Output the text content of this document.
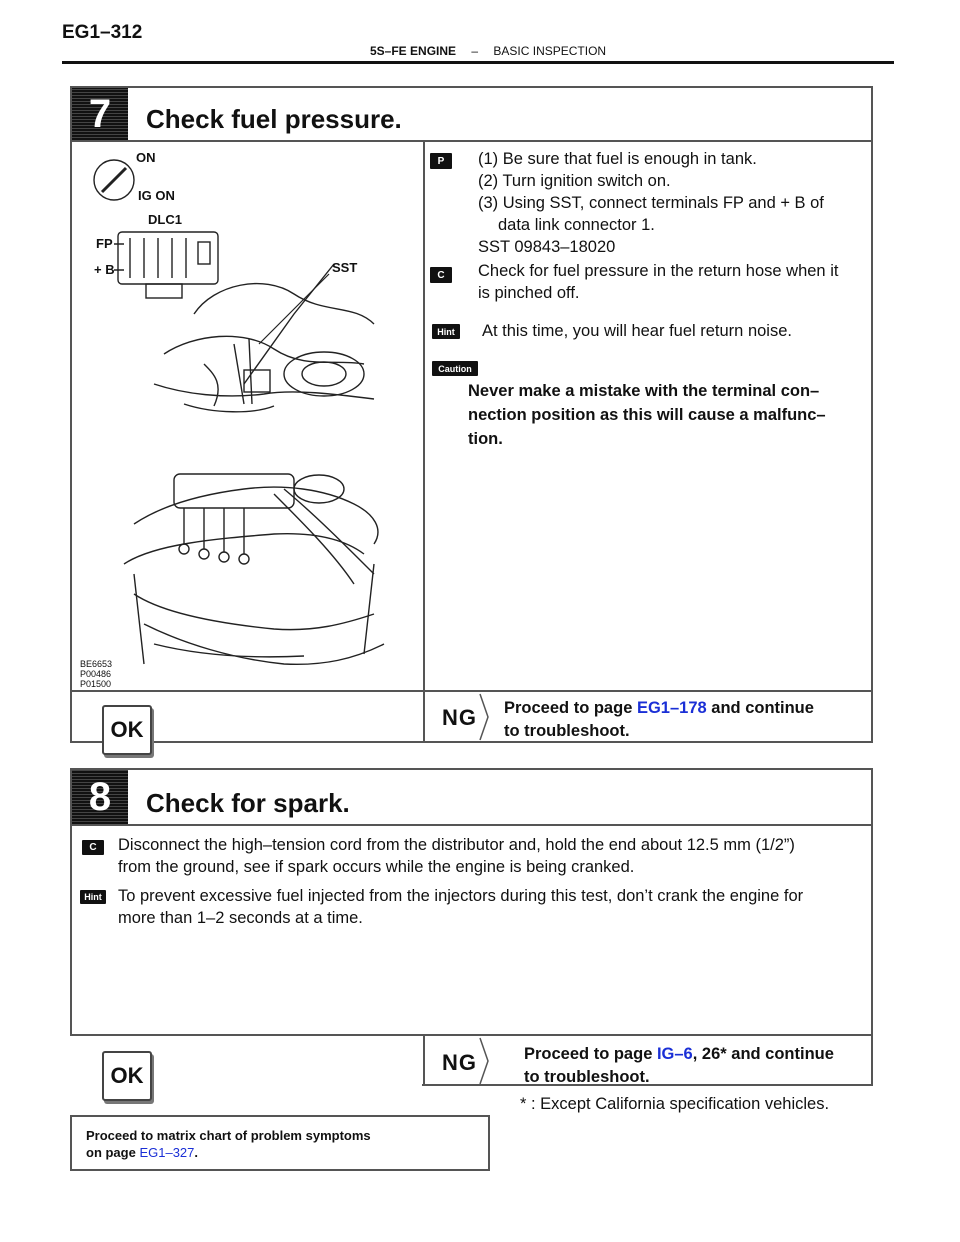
EG1–312
5S–FE ENGINE – BASIC INSPECTION
7	Check fuel pressure.
ON
IG ON
DLC1
FP
+ B	SST
BE6653
P00486
P01500
P	(1) Be sure that fuel is enough in tank.
(2) Turn ignition switch on.
(3) Using SST, connect terminals FP and + B of
data link connector 1.
SST 09843–18020
C	Check for fuel pressure in the return hose when it
is pinched off.
Hint	At this time, you will hear fuel return noise.
Caution
Never make a mistake with the terminal con–
nection position as this will cause a malfunc–
tion.
OK	NG Proceed to page EG1–178 and continue
to troubleshoot.
8	Check for spark.
C	Disconnect the high–tension cord from the distributor and, hold the end about 12.5 mm (1/2”)
from the ground, see if spark occurs while the engine is being cranked.
Hint To prevent excessive fuel injected from the injectors during this test, don’t crank the engine for
more than 1–2 seconds at a time.
OK
NG	Proceed to page IG–6, 26* and continue
to troubleshoot.
* : Except California specification vehicles.
Proceed to matrix chart of problem symptoms
on page EG1–327.
